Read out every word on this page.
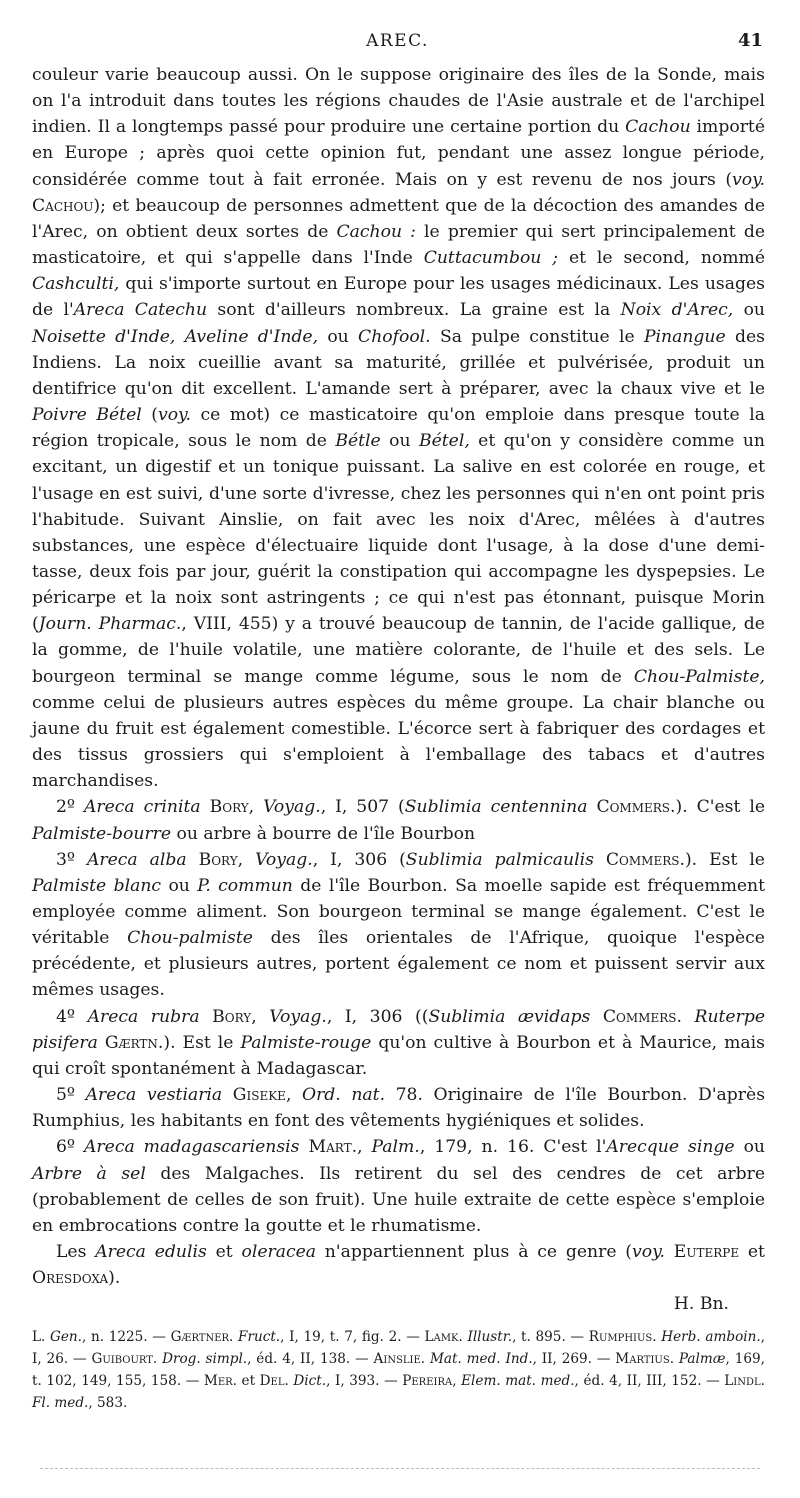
AREC.	41

couleur varie beaucoup aussi. On le suppose originaire des îles de la Sonde, mais on l'a introduit dans toutes les régions chaudes de l'Asie australe et de l'archipel indien. Il a longtemps passé pour produire une certaine portion du Cachou importé en Europe ; après quoi cette opinion fut, pendant une assez longue période, considérée comme tout à fait erronée. Mais on y est revenu de nos jours (voy. Cachou); et beaucoup de personnes admettent que de la décoction des amandes de l'Arec, on obtient deux sortes de Cachou : le premier qui sert principalement de masticatoire, et qui s'appelle dans l'Inde Cuttacumbou ; et le second, nommé Cashculti, qui s'importe surtout en Europe pour les usages médicinaux. Les usages de l'Areca Catechu sont d'ailleurs nombreux. La graine est la Noix d'Arec, ou Noisette d'Inde, Aveline d'Inde, ou Chofool. Sa pulpe constitue le Pinangue des Indiens. La noix cueillie avant sa maturité, grillée et pulvérisée, produit un dentifrice qu'on dit excellent. L'amande sert à préparer, avec la chaux vive et le Poivre Bétel (voy. ce mot) ce masticatoire qu'on emploie dans presque toute la région tropicale, sous le nom de Bétle ou Bétel, et qu'on y considère comme un excitant, un digestif et un tonique puissant. La salive en est colorée en rouge, et l'usage en est suivi, d'une sorte d'ivresse, chez les personnes qui n'en ont point pris l'habitude. Suivant Ainslie, on fait avec les noix d'Arec, mêlées à d'autres substances, une espèce d'électuaire liquide dont l'usage, à la dose d'une demi-tasse, deux fois par jour, guérit la constipation qui accompagne les dyspepsies. Le péricarpe et la noix sont astringents ; ce qui n'est pas étonnant, puisque Morin (Journ. Pharmac., VIII, 455) y a trouvé beaucoup de tannin, de l'acide gallique, de la gomme, de l'huile volatile, une matière colorante, de l'huile et des sels. Le bourgeon terminal se mange comme légume, sous le nom de Chou-Palmiste, comme celui de plusieurs autres espèces du même groupe. La chair blanche ou jaune du fruit est également comestible. L'écorce sert à fabriquer des cordages et des tissus grossiers qui s'emploient à l'emballage des tabacs et d'autres marchandises.

2º Areca crinita Bory, Voyag., I, 507 (Sublimia centennina Commers.). C'est le Palmiste-bourre ou arbre à bourre de l'île Bourbon

3º Areca alba Bory, Voyag., I, 306 (Sublimia palmicaulis Commers.). Est le Palmiste blanc ou P. commun de l'île Bourbon. Sa moelle sapide est fréquemment employée comme aliment. Son bourgeon terminal se mange également. C'est le véritable Chou-palmiste des îles orientales de l'Afrique, quoique l'espèce précédente, et plusieurs autres, portent également ce nom et puissent servir aux mêmes usages.

4º Areca rubra Bory, Voyag., I, 306 ((Sublimia ævidaps Commers. Ruterpe pisifera Gærtn.). Est le Palmiste-rouge qu'on cultive à Bourbon et à Maurice, mais qui croît spontanément à Madagascar.

5º Areca vestiaria Giseke, Ord. nat. 78. Originaire de l'île Bourbon. D'après Rumphius, les habitants en font des vêtements hygiéniques et solides.

6º Areca madagascariensis Mart., Palm., 179, n. 16. C'est l'Arecque singe ou Arbre à sel des Malgaches. Ils retirent du sel des cendres de cet arbre (probablement de celles de son fruit). Une huile extraite de cette espèce s'emploie en embrocations contre la goutte et le rhumatisme.

Les Areca edulis et oleracea n'appartiennent plus à ce genre (voy. Euterpe et Oresdoxa).
H. Bn.

L. Gen., n. 1225. — Gærtner. Fruct., I, 19, t. 7, fig. 2. — Lamk. Illustr., t. 895. — Rumphius. Herb. amboin., I, 26. — Guibourt. Drog. simpl., éd. 4, II, 138. — Ainslie. Mat. med. Ind., II, 269. — Martius. Palmæ, 169, t. 102, 149, 155, 158. — Mer. et Del. Dict., I, 393. — Pereira, Elem. mat. med., éd. 4, II, III, 152. — Lindl. Fl. med., 583.
